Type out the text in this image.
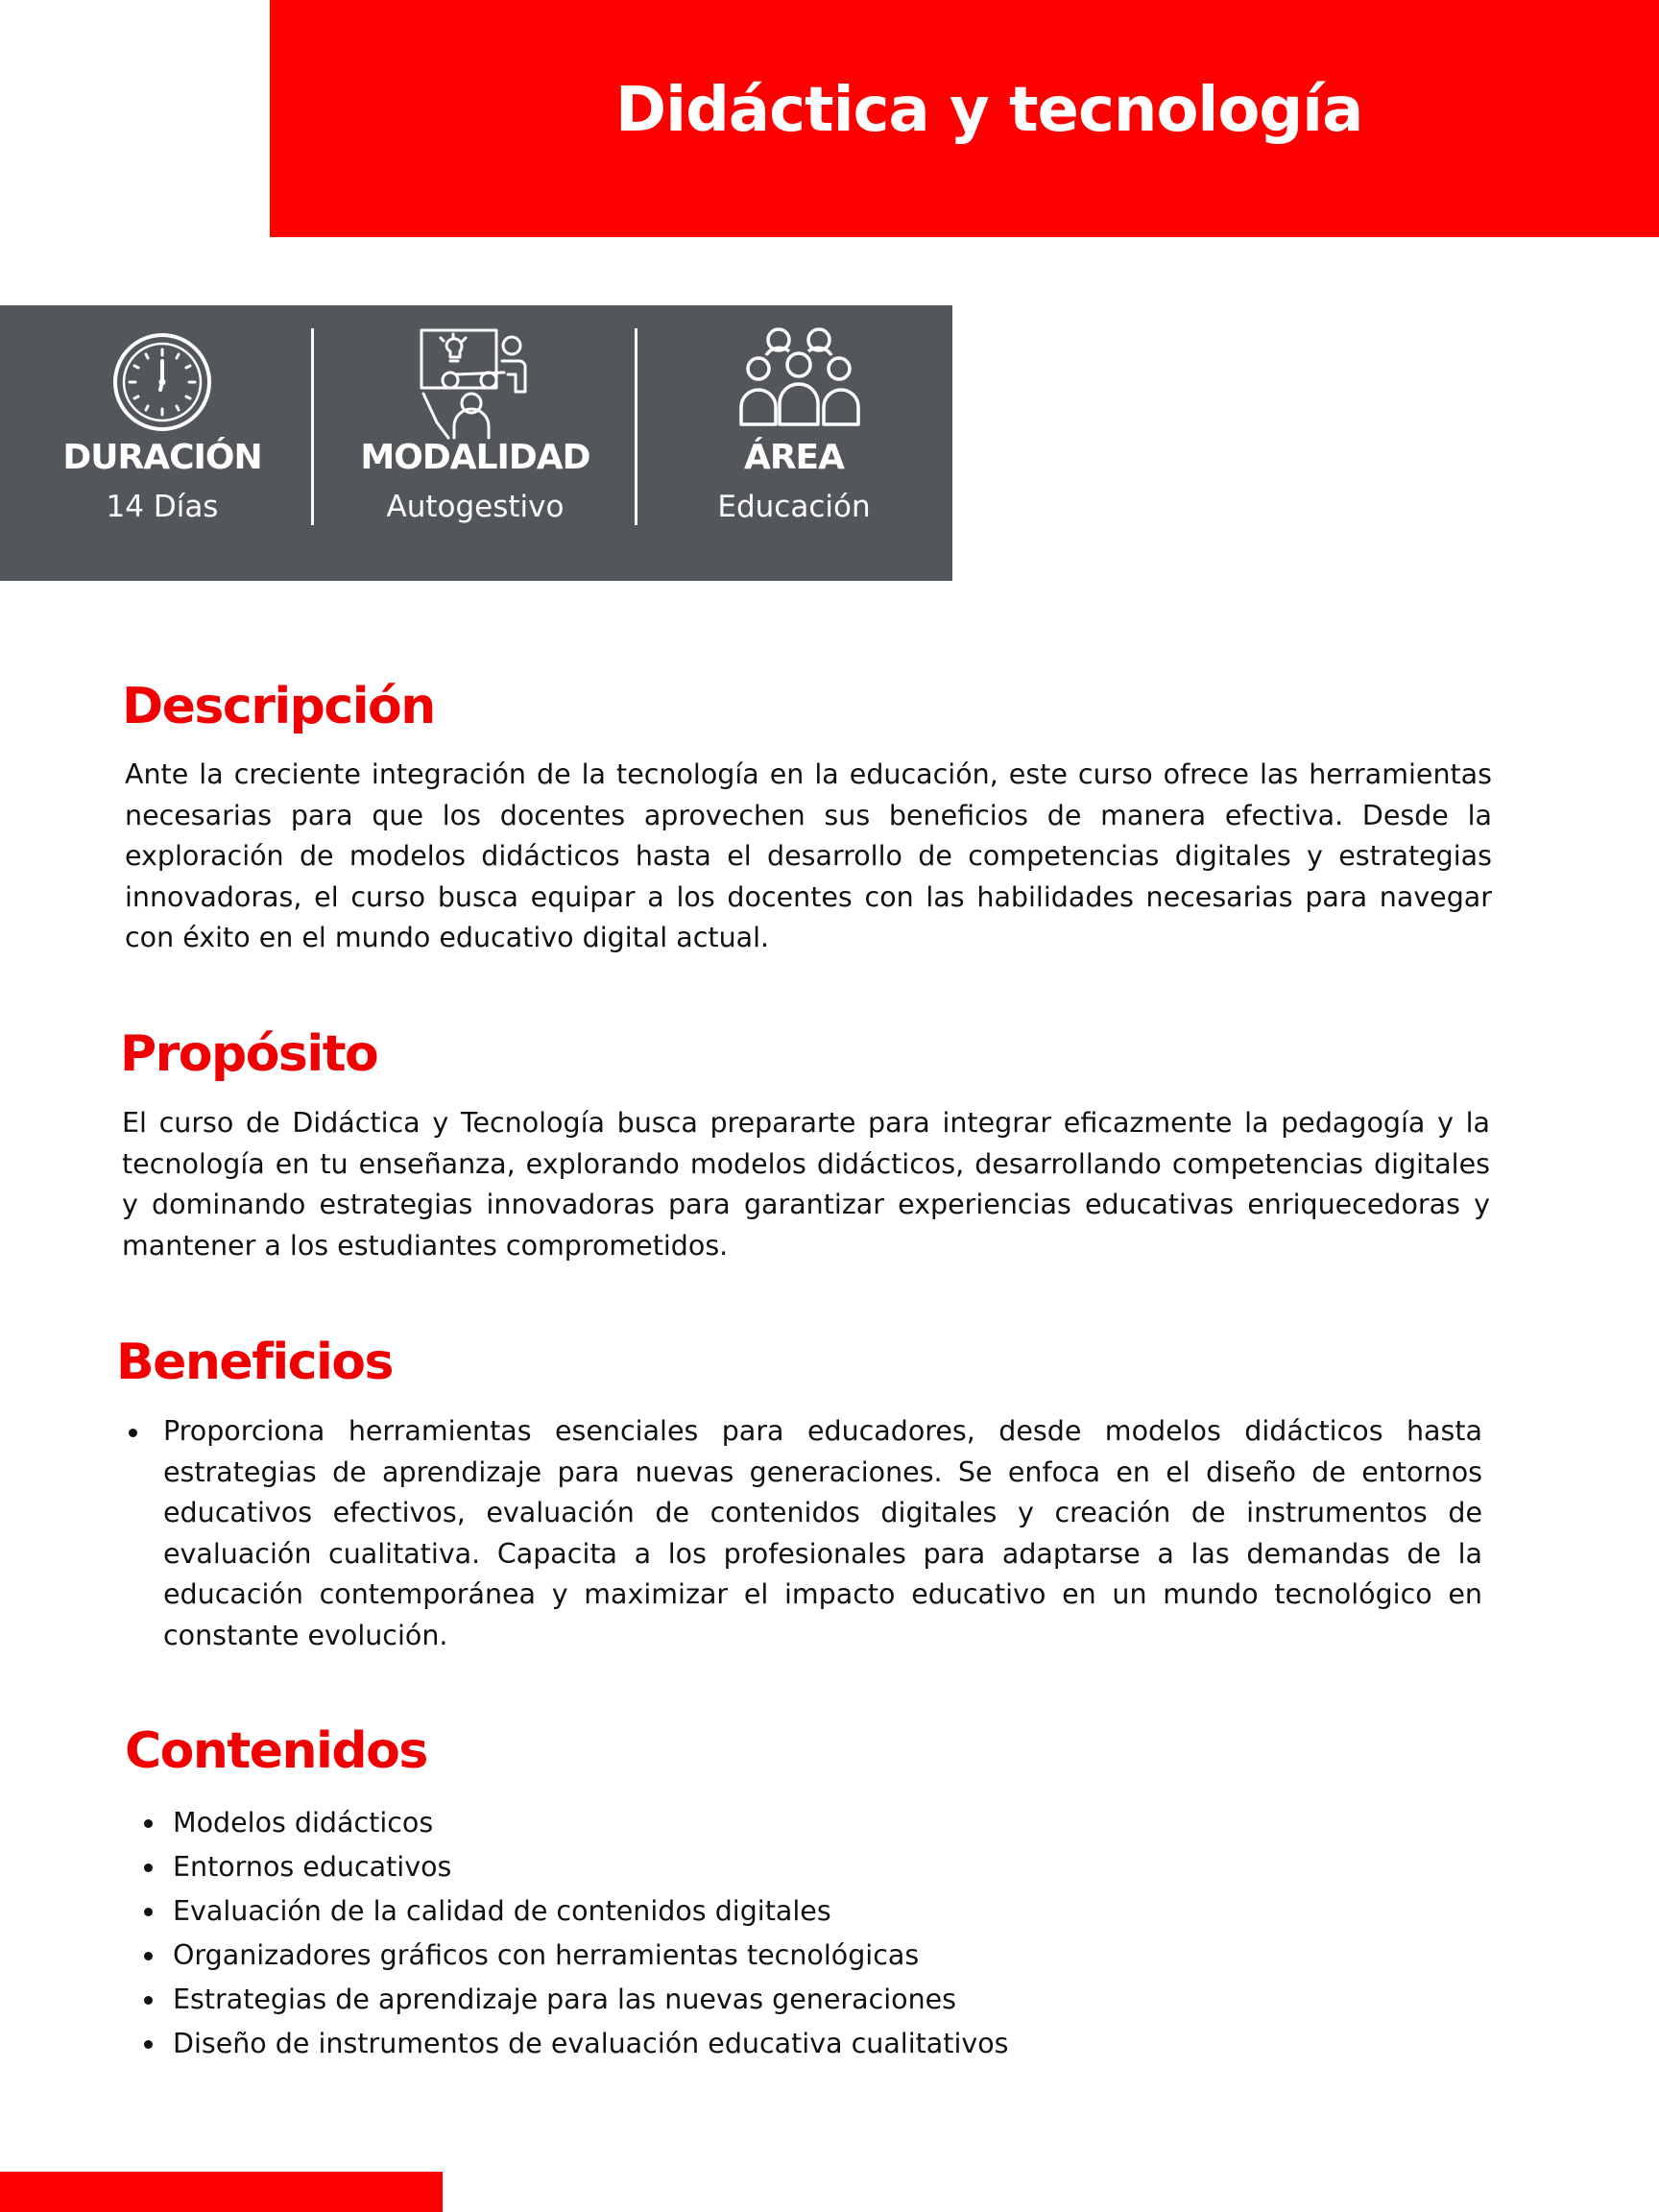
Didáctica y tecnología
DURACIÓN
14 Días
MODALIDAD
Autogestivo
ÁREA
Educación
Descripción

Ante la creciente integración de la tecnología en la educación, este curso ofrece las herramientas necesarias para que los docentes aprovechen sus beneficios de manera efectiva. Desde la exploración de modelos didácticos hasta el desarrollo de competencias digitales y estrategias innovadoras, el curso busca equipar a los docentes con las habilidades necesarias para navegar con éxito en el mundo educativo digital actual.

Propósito

El curso de Didáctica y Tecnología busca prepararte para integrar eficazmente la pedagogía y la tecnología en tu enseñanza, explorando modelos didácticos, desarrollando competencias digitales y dominando estrategias innovadoras para garantizar experiencias educativas enriquecedoras y mantener a los estudiantes comprometidos.

Beneficios
Proporciona herramientas esenciales para educadores, desde modelos didácticos hasta estrategias de aprendizaje para nuevas generaciones. Se enfoca en el diseño de entornos educativos efectivos, evaluación de contenidos digitales y creación de instrumentos de evaluación cualitativa. Capacita a los profesionales para adaptarse a las demandas de la educación contemporánea y maximizar el impacto educativo en un mundo tecnológico en constante evolución.
Contenidos
Modelos didácticos
Entornos educativos
Evaluación de la calidad de contenidos digitales
Organizadores gráficos con herramientas tecnológicas
Estrategias de aprendizaje para las nuevas generaciones
Diseño de instrumentos de evaluación educativa cualitativos
